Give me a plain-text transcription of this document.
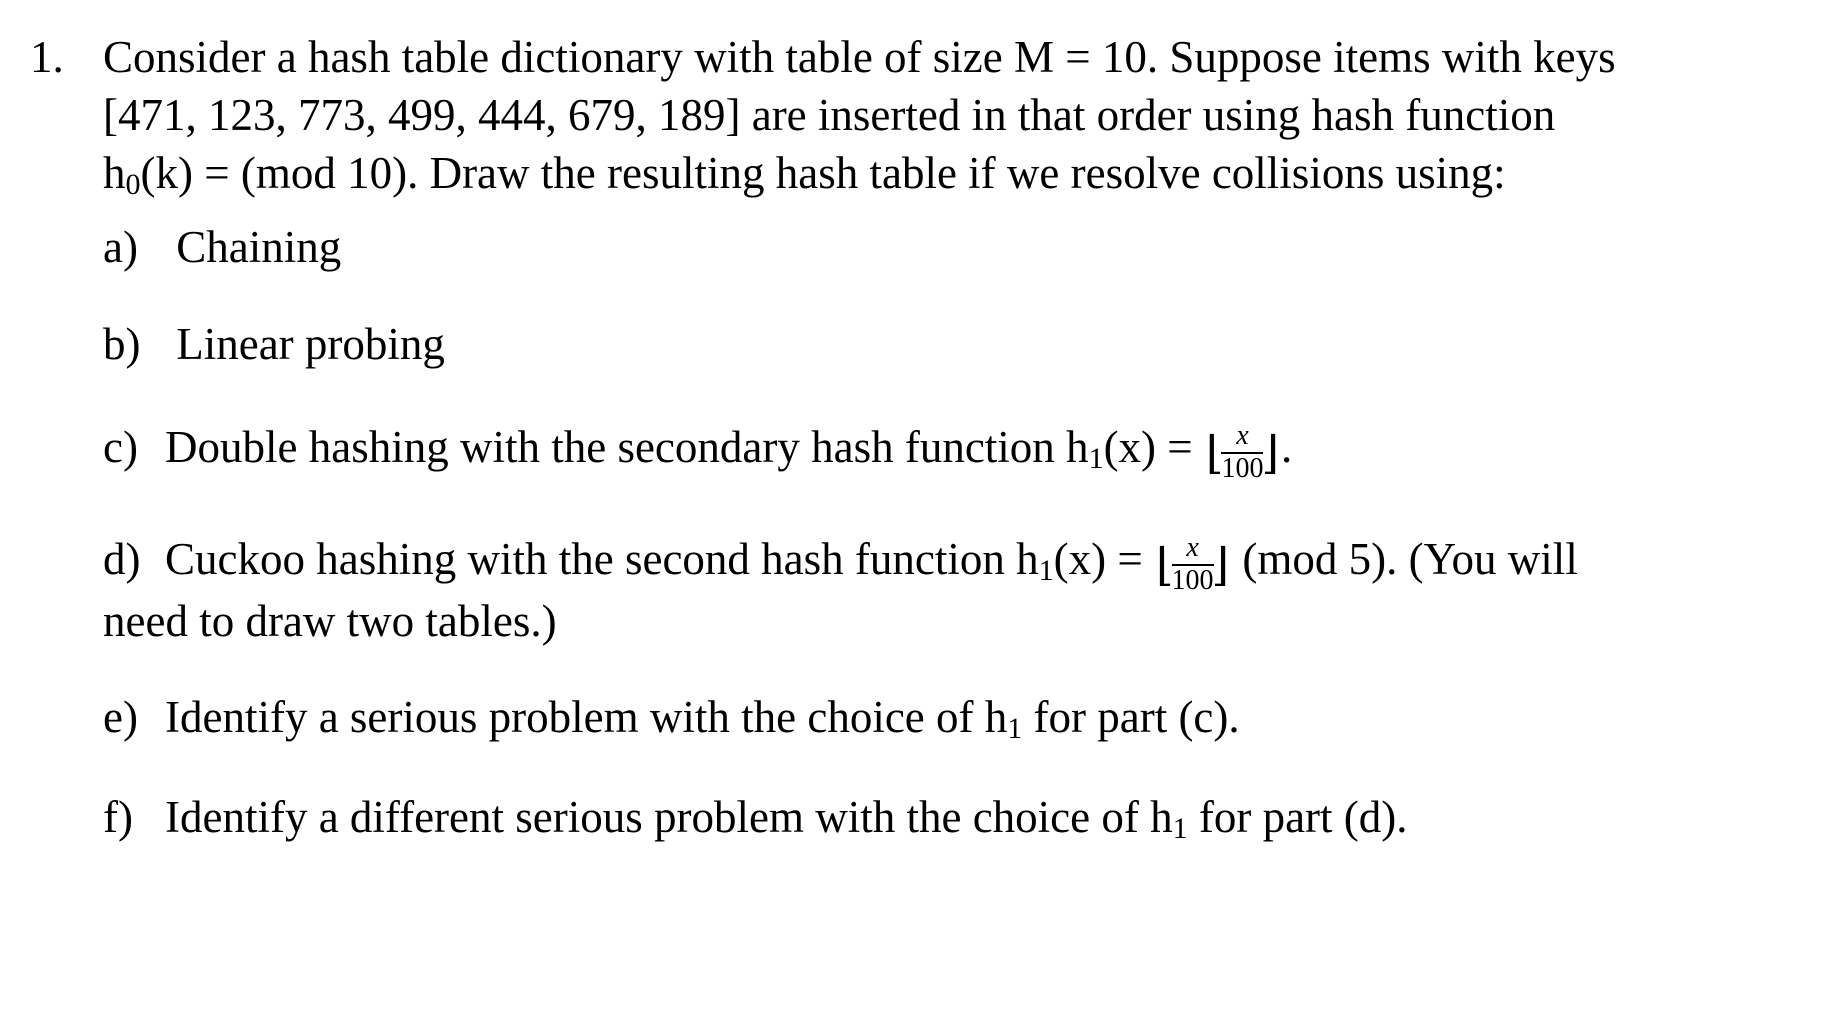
1. Consider a hash table dictionary with table of size M = 10. Suppose items with keys
[471, 123, 773, 499, 444, 679, 189] are inserted in that order using hash function
$h_0(k) = (mod$ 10). Draw the resulting hash table if we resolve collisions using:
a) Chaining
b) Linear probing
c) Double hashing with the secondary hash function $h_1(x)$ = ⌊
$\frac{x}{100}$
⌋.
d) Cuckoo hashing with the second hash function $h_1(x)$ = ⌊
$\frac{x}{100}$
⌋ (mod 5). (You will
need to draw two tables.)
e) Identify a serious problem with the choice of $h_1$ for part (c).
f) Identify a different serious problem with the choice of $h_1$ for part (d).
